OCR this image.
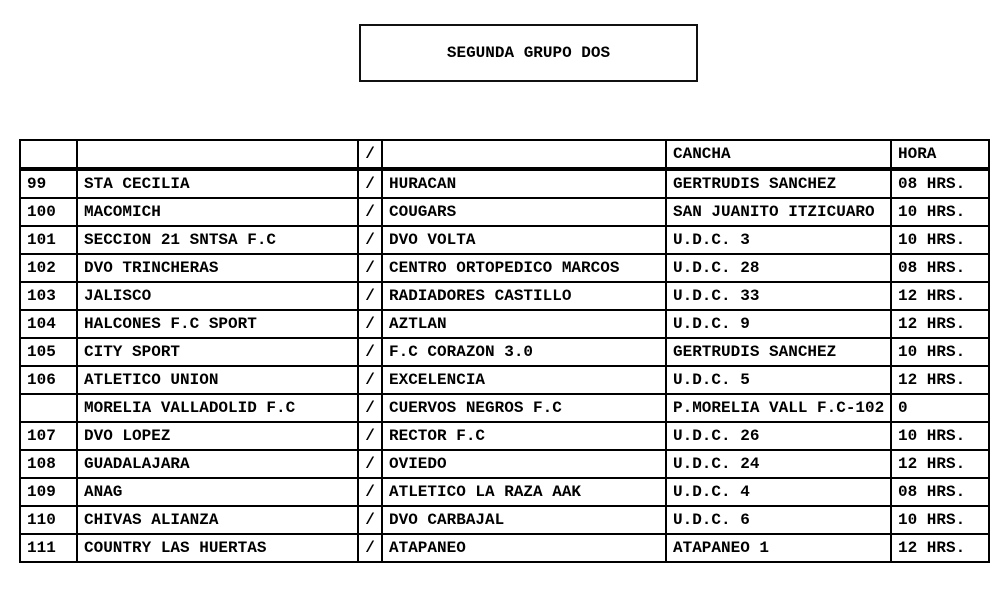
SEGUNDA GRUPO DOS
		/		CANCHA	HORA
99	STA CECILIA	/	HURACAN	GERTRUDIS SANCHEZ	08 HRS.
100	MACOMICH	/	COUGARS	SAN JUANITO ITZICUARO	10 HRS.
101	SECCION 21 SNTSA F.C	/	DVO VOLTA	U.D.C. 3	10 HRS.
102	DVO TRINCHERAS	/	CENTRO ORTOPEDICO MARCOS	U.D.C. 28	08 HRS.
103	JALISCO	/	RADIADORES CASTILLO	U.D.C. 33	12 HRS.
104	HALCONES F.C SPORT	/	AZTLAN	U.D.C. 9	12 HRS.
105	CITY SPORT	/	F.C CORAZON 3.0	GERTRUDIS SANCHEZ	10 HRS.
106	ATLETICO UNION	/	EXCELENCIA	U.D.C. 5	12 HRS.
	MORELIA VALLADOLID F.C	/	CUERVOS NEGROS F.C	P.MORELIA VALL F.C-102	0
107	DVO LOPEZ	/	RECTOR F.C	U.D.C. 26	10 HRS.
108	GUADALAJARA	/	OVIEDO	U.D.C. 24	12 HRS.
109	ANAG	/	ATLETICO LA RAZA AAK	U.D.C. 4	08 HRS.
110	CHIVAS ALIANZA	/	DVO CARBAJAL	U.D.C. 6	10 HRS.
111	COUNTRY LAS HUERTAS	/	ATAPANEO	ATAPANEO 1	12 HRS.
